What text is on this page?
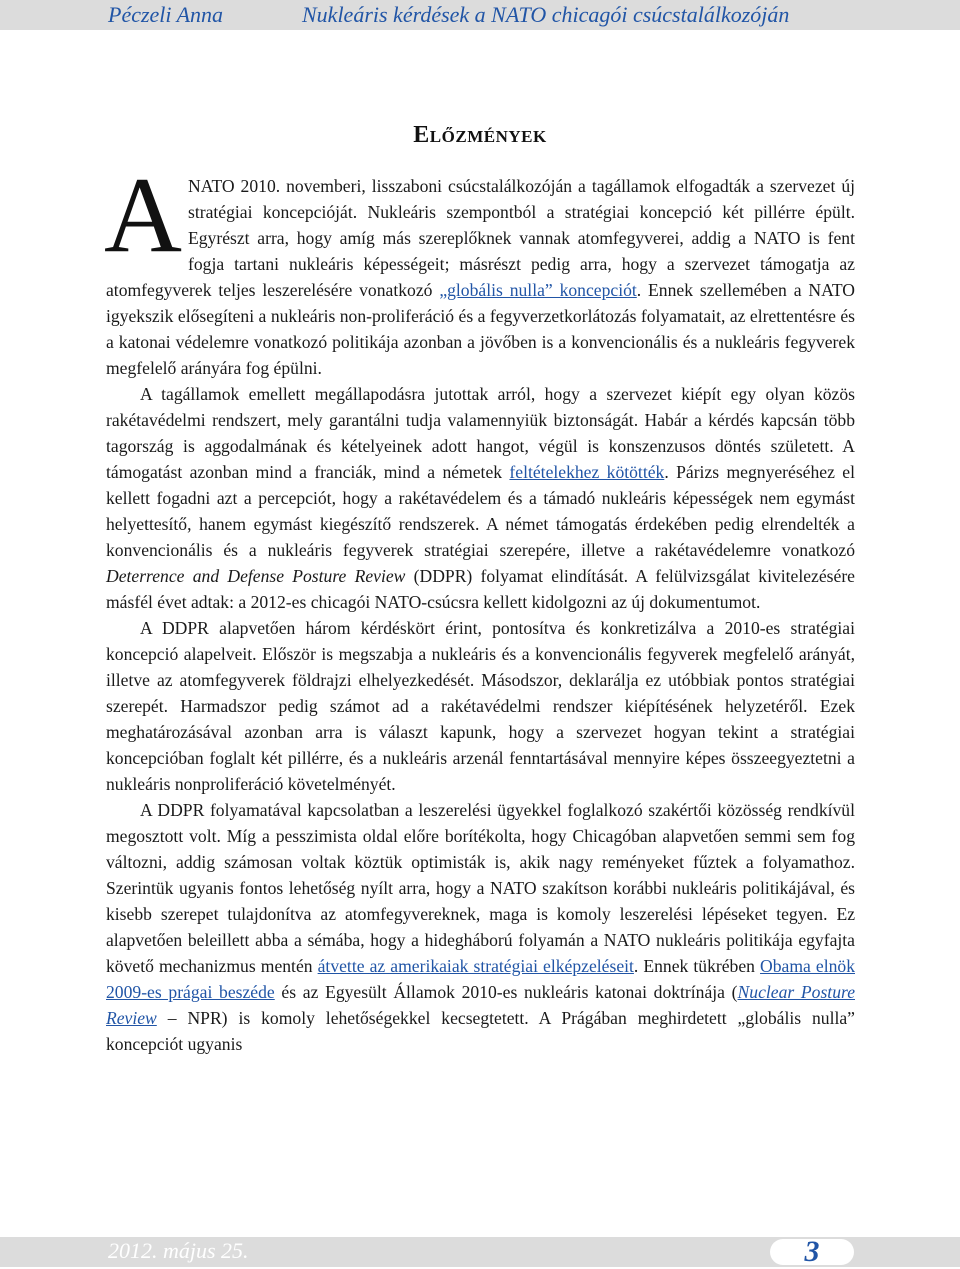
Péczeli Anna	Nukleáris kérdések a NATO chicagói csúcstalálkozóján
Előzmények

ANATO 2010. novemberi, lisszaboni csúcstalálkozóján a tagállamok elfogadták a szervezet új stratégiai koncepcióját. Nukleáris szempontból a stratégiai koncepció két pillérre épült. Egyrészt arra, hogy amíg más szereplőknek vannak atomfegyverei, addig a NATO is fent fogja tartani nukleáris képességeit; másrészt pedig arra, hogy a szervezet támogatja az atomfegyverek teljes leszerelésére vonatkozó „globális nulla” koncepciót. Ennek szellemében a NATO igyekszik elősegíteni a nukleáris non-proliferáció és a fegyverzetkorlátozás folyamatait, az elrettentésre és a katonai védelemre vonatkozó politikája azonban a jövőben is a konvencionális és a nukleáris fegyverek megfelelő arányára fog épülni.

A tagállamok emellett megállapodásra jutottak arról, hogy a szervezet kiépít egy olyan közös rakétavédelmi rendszert, mely garantálni tudja valamennyiük biztonságát. Habár a kérdés kapcsán több tagország is aggodalmának és kételyeinek adott hangot, végül is konszenzusos döntés született. A támogatást azonban mind a franciák, mind a németek feltételekhez kötötték. Párizs megnyeréséhez el kellett fogadni azt a percepciót, hogy a rakétavédelem és a támadó nukleáris képességek nem egymást helyettesítő, hanem egymást kiegészítő rendszerek. A német támogatás érdekében pedig elrendelték a konvencionális és a nukleáris fegyverek stratégiai szerepére, illetve a rakétavédelemre vonatkozó Deterrence and Defense Posture Review (DDPR) folyamat elindítását. A felülvizsgálat kivitelezésére másfél évet adtak: a 2012-es chicagói NATO-csúcsra kellett kidolgozni az új dokumentumot.

A DDPR alapvetően három kérdéskört érint, pontosítva és konkretizálva a 2010-es stratégiai koncepció alapelveit. Először is megszabja a nukleáris és a konvencionális fegyverek megfelelő arányát, illetve az atomfegyverek földrajzi elhelyezkedését. Másodszor, deklarálja ez utóbbiak pontos stratégiai szerepét. Harmadszor pedig számot ad a rakétavédelmi rendszer kiépítésének helyzetéről. Ezek meghatározásával azonban arra is választ kapunk, hogy a szervezet hogyan tekint a stratégiai koncepcióban foglalt két pillérre, és a nukleáris arzenál fenntartásával mennyire képes összeegyeztetni a nukleáris nonproliferáció követelményét.

A DDPR folyamatával kapcsolatban a leszerelési ügyekkel foglalkozó szakértői közösség rendkívül megosztott volt. Míg a pesszimista oldal előre borítékolta, hogy Chicagóban alapvetően semmi sem fog változni, addig számosan voltak köztük optimisták is, akik nagy reményeket fűztek a folyamathoz. Szerintük ugyanis fontos lehetőség nyílt arra, hogy a NATO szakítson korábbi nukleáris politikájával, és kisebb szerepet tulajdonítva az atomfegyvereknek, maga is komoly leszerelési lépéseket tegyen. Ez alapvetően beleillett abba a sémába, hogy a hidegháború folyamán a NATO nukleáris politikája egyfajta követő mechanizmus mentén átvette az amerikaiak stratégiai elképzeléseit. Ennek tükrében Obama elnök 2009-es prágai beszéde és az Egyesült Államok 2010-es nukleáris katonai doktrínája (Nuclear Posture Review – NPR) is komoly lehetőségekkel kecsegtetett. A Prágában meghirdetett „globális nulla” koncepciót ugyanis

2012. május 25.	3
